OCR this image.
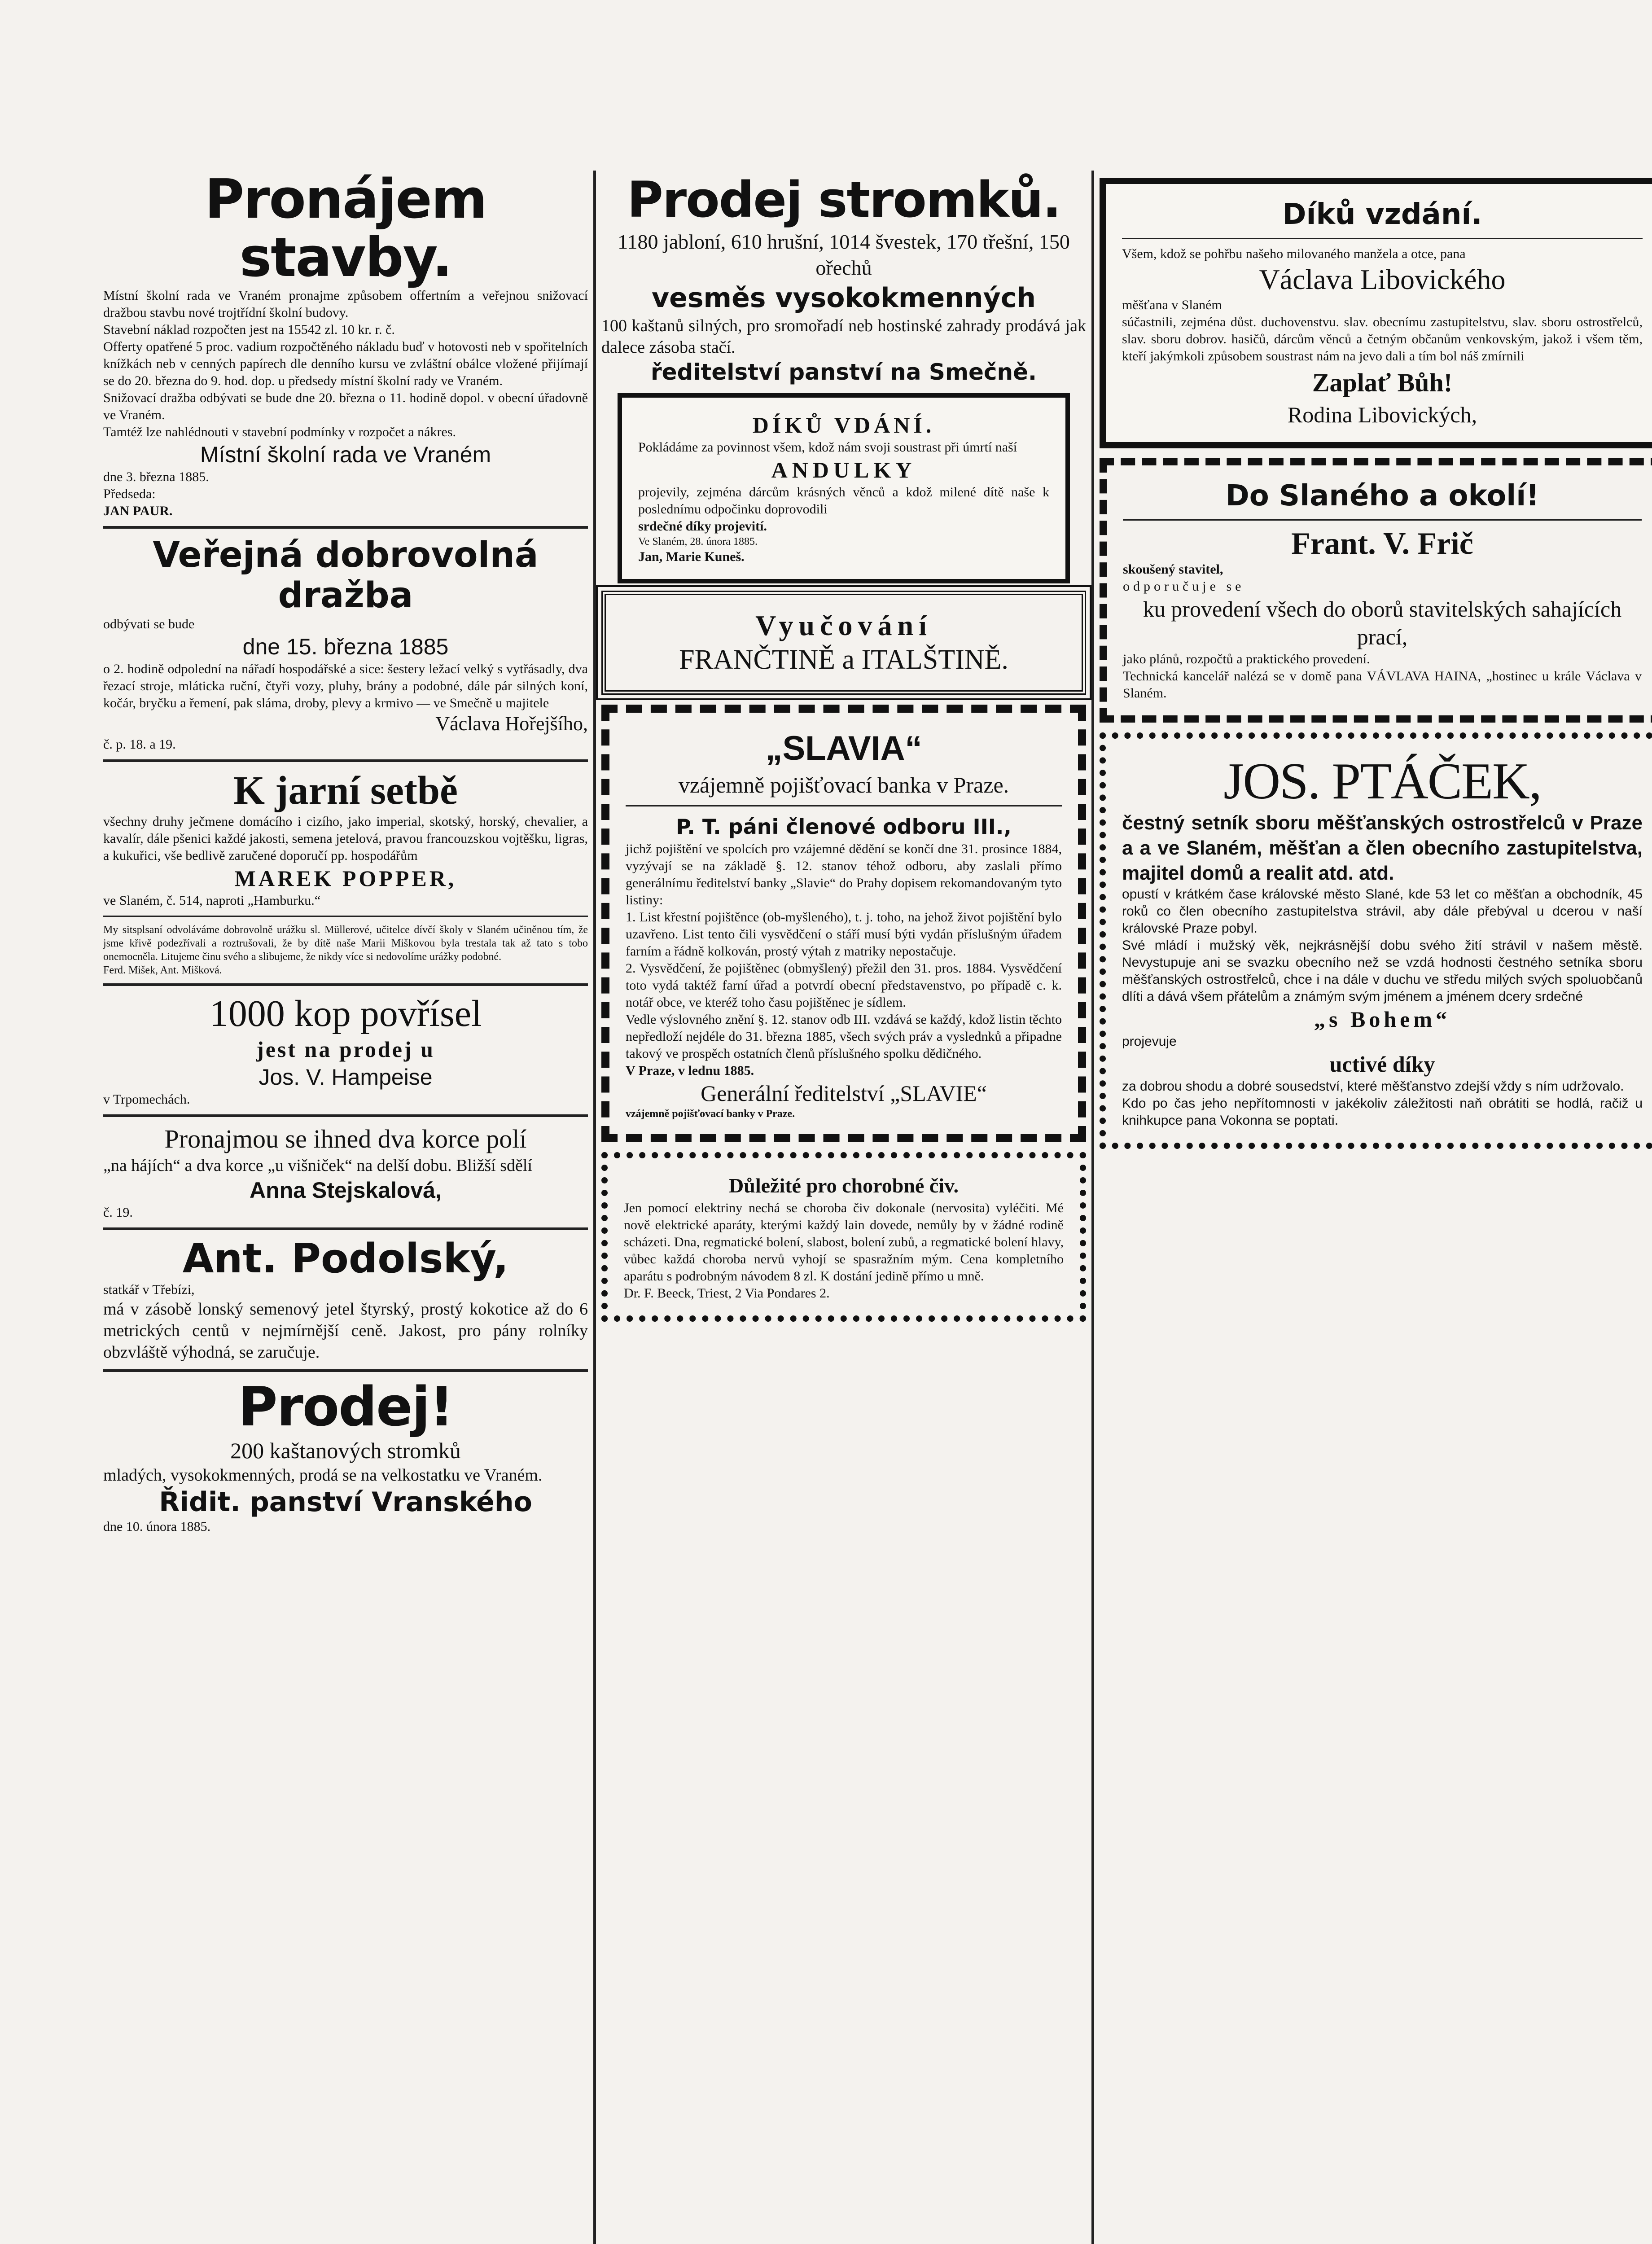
Pronájem stavby.

Místní školní rada ve Vraném pronajme způsobem offertním a veřejnou snižovací dražbou stavbu nové trojtřídní školní budovy.

Stavební náklad rozpočten jest na 15542 zl. 10 kr. r. č.

Offerty opatřené 5 proc. vadium rozpočtěného nákladu buď v hotovosti neb v spořitelních knížkách neb v cenných papírech dle denního kursu ve zvláštní obálce vložené přijímají se do 20. března do 9. hod. dop. u předsedy místní školní rady ve Vraném.

Snižovací dražba odbývati se bude dne 20. března o 11. hodině dopol. v obecní úřadovně ve Vraném.

Tamtéž lze nahlédnouti v stavební podmínky v rozpočet a nákres.

Místní školní rada ve Vraném

dne 3. března 1885.

Předseda:

JAN PAUR.

Veřejná dobrovolná dražba

odbývati se bude

dne 15. března 1885

o 2. hodině odpolední na nářadí hospodářské a sice: šestery ležací velký s vytřásadly, dva řezací stroje, mláticka ruční, čtyři vozy, pluhy, brány a podobné, dále pár silných koní, kočár, bryčku a řemení, pak sláma, droby, plevy a krmivo — ve Smečně u majitele

Václava Hořejšího,

č. p. 18. a 19.

K jarní setbě

všechny druhy ječmene domácího i cizího, jako imperial, skotský, horský, chevalier, a kavalír, dále pšenici každé jakosti, semena jetelová, pravou francouzskou vojtěšku, ligras, a kukuřici, vše bedlivě zaručené doporučí pp. hospodářům

MAREK POPPER,

ve Slaném, č. 514, naproti „Hamburku.“

My sitsplsaní odvoláváme dobrovolně urážku sl. Müllerové, učitelce dívčí školy v Slaném učiněnou tím, že jsme křivě podezřívali a roztrušovali, že by dítě naše Marii Miškovou byla trestala tak až tato s tobo onemocněla. Litujeme činu svého a slibujeme, že nikdy více si nedovolíme urážky podobné.

Ferd. Mišek, Ant. Mišková.

1000 kop povřísel

jest na prodej u

Jos. V. Hampeise

v Trpomechách.

Pronajmou se ihned dva korce polí

„na hájích“ a dva korce „u višniček“ na delší dobu. Bližší sdělí

Anna Stejskalová,

č. 19.

Ant. Podolský,

statkář v Třebízi,

má v zásobě lonský semenový jetel štyrský, prostý kokotice až do 6 metrických centů v nejmírnější ceně. Jakost, pro pány rolníky obzvláště výhodná, se zaručuje.

Prodej!

200 kaštanových stromků

mladých, vysokokmenných, prodá se na velkostatku ve Vraném.

Řidit. panství Vranského

dne 10. února 1885.

Prodej stromků.

1180 jabloní, 610 hrušní, 1014 švestek, 170 třešní, 150 ořechů

vesměs vysokokmenných

100 kaštanů silných, pro sromořadí neb hostinské zahrady prodává jak dalece zásoba stačí.

ředitelství panství na Smečně.

DÍKŮ VDÁNÍ.

Pokládáme za povinnost všem, kdož nám svoji soustrast při úmrtí naší

ANDULKY

projevily, zejména dárcům krásných věnců a kdož milené dítě naše k poslednímu odpočinku doprovodili

srdečné díky projevití.

Ve Slaném, 28. února 1885.

Jan, Marie Kuneš.

Vyučování

FRANČTINĚ a ITALŠTINĚ.

„SLAVIA“

vzájemně pojišťovací banka v Praze.

P. T. páni členové odboru III.,

jichž pojištění ve spolcích pro vzájemné dědění se končí dne 31. prosince 1884, vyzývají se na základě §. 12. stanov téhož odboru, aby zaslali přímo generálnímu ředitelství banky „Slavie“ do Prahy dopisem rekomandovaným tyto listiny:

1. List křestní pojištěnce (ob-myšleného), t. j. toho, na jehož život pojištění bylo uzavřeno. List tento čili vysvědčení o stáří musí býti vydán příslušným úřadem farním a řádně kolkován, prostý výtah z matriky nepostačuje.

2. Vysvědčení, že pojištěnec (obmyšlený) přežil den 31. pros. 1884. Vysvědčení toto vydá taktéž farní úřad a potvrdí obecní představenstvo, po případě c. k. notář obce, ve kteréž toho času pojištěnec je sídlem.

Vedle výslovného znění §. 12. stanov odb III. vzdává se každý, kdož listin těchto nepředloží nejdéle do 31. března 1885, všech svých práv a vyslednků a připadne takový ve prospěch ostatních členů příslušného spolku dědičného.

V Praze, v lednu 1885.

Generální ředitelství „SLAVIE“

vzájemně pojišťovací banky v Praze.

Důležité pro chorobné čiv.

Jen pomocí elektriny nechá se choroba čiv dokonale (nervosita) vyléčiti. Mé nově elektrické aparáty, kterými každý lain dovede, nemůly by v žádné rodině scházeti. Dna, regmatické bolení, slabost, bolení zubů, a regmatické bolení hlavy, vůbec každá choroba nervů vyhojí se spasražním mým. Cena kompletního aparátu s podrobným návodem 8 zl. K dostání jedině přímo u mně.

Dr. F. Beeck, Triest, 2 Via Pondares 2.

Díků vzdání.

Všem, kdož se pohřbu našeho milovaného manžela a otce, pana

Václava Libovického

měšťana v Slaném

súčastnili, zejména důst. duchovenstvu. slav. obecnímu zastupitelstvu, slav. sboru ostrostřelců, slav. sboru dobrov. hasičů, dárcům věnců a četným občanům venkovským, jakož i všem těm, kteří jakýmkoli způsobem soustrast nám na jevo dali a tím bol náš zmírnili

Zaplať Bůh!

Rodina Libovických,

Do Slaného a okolí!

Frant. V. Frič

skoušený stavitel,

odporučuje se

ku provedení všech do oborů stavitelských sahajících prací,

jako plánů, rozpočtů a praktického provedení.

Technická kancelář nalézá se v domě pana VÁVLAVA HAINA, „hostinec u krále Václava v Slaném.

JOS. PTÁČEK,

čestný setník sboru měšťanských ostrostřelců v Praze a a ve Slaném, měšťan a člen obecního zastupitelstva, majitel domů a realit atd. atd.

opustí v krátkém čase královské město Slané, kde 53 let co měšťan a obchodník, 45 roků co člen obecního zastupitelstva strávil, aby dále přebýval u dcerou v naší královské Praze pobyl.

Své mládí i mužský věk, nejkrásnější dobu svého žití strávil v našem městě. Nevystupuje ani se svazku obecního než se vzdá hodnosti čestného setníka sboru měšťanských ostrostřelců, chce i na dále v duchu ve středu milých svých spoluobčanů dlíti a dává všem přátelům a známým svým jménem a jménem dcery srdečné

„s Bohem“

projevuje

uctivé díky

za dobrou shodu a dobré sousedství, které měšťanstvo zdejší vždy s ním udržovalo.

Kdo po čas jeho nepřítomnosti v jakékoliv záležitosti naň obrátiti se hodlá, račiž u knihkupce pana Vokonna se poptati.
